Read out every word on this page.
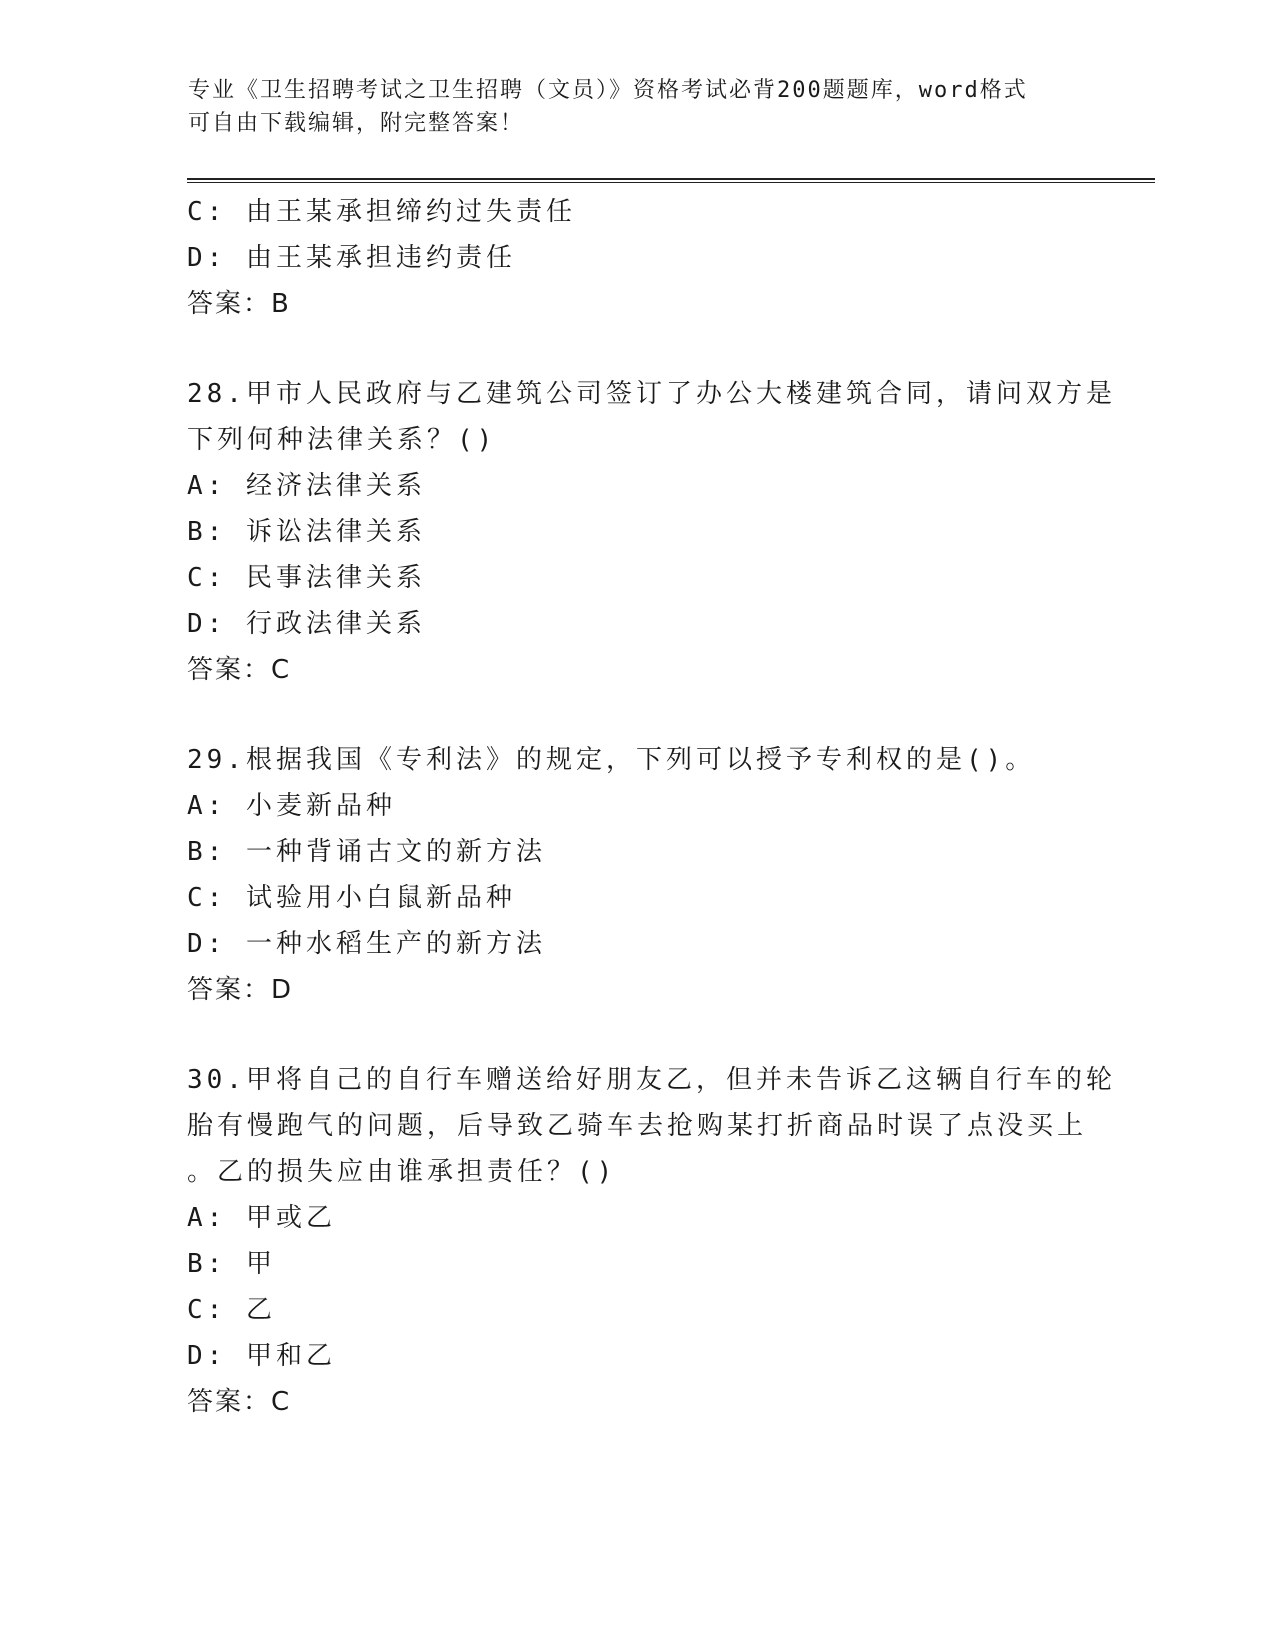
专业《卫生招聘考试之卫生招聘（文员）》资格考试必背200题题库，word格式
可自由下载编辑，附完整答案！
C: 由王某承担缔约过失责任
D: 由王某承担违约责任
答案：B
28.甲市人民政府与乙建筑公司签订了办公大楼建筑合同，请问双方是
下列何种法律关系？()
A: 经济法律关系
B: 诉讼法律关系
C: 民事法律关系
D: 行政法律关系
答案：C
29.根据我国《专利法》的规定，下列可以授予专利权的是()。
A: 小麦新品种
B: 一种背诵古文的新方法
C: 试验用小白鼠新品种
D: 一种水稻生产的新方法
答案：D
30.甲将自己的自行车赠送给好朋友乙，但并未告诉乙这辆自行车的轮
胎有慢跑气的问题，后导致乙骑车去抢购某打折商品时误了点没买上
。乙的损失应由谁承担责任？()
A: 甲或乙
B: 甲
C: 乙
D: 甲和乙
答案：C
